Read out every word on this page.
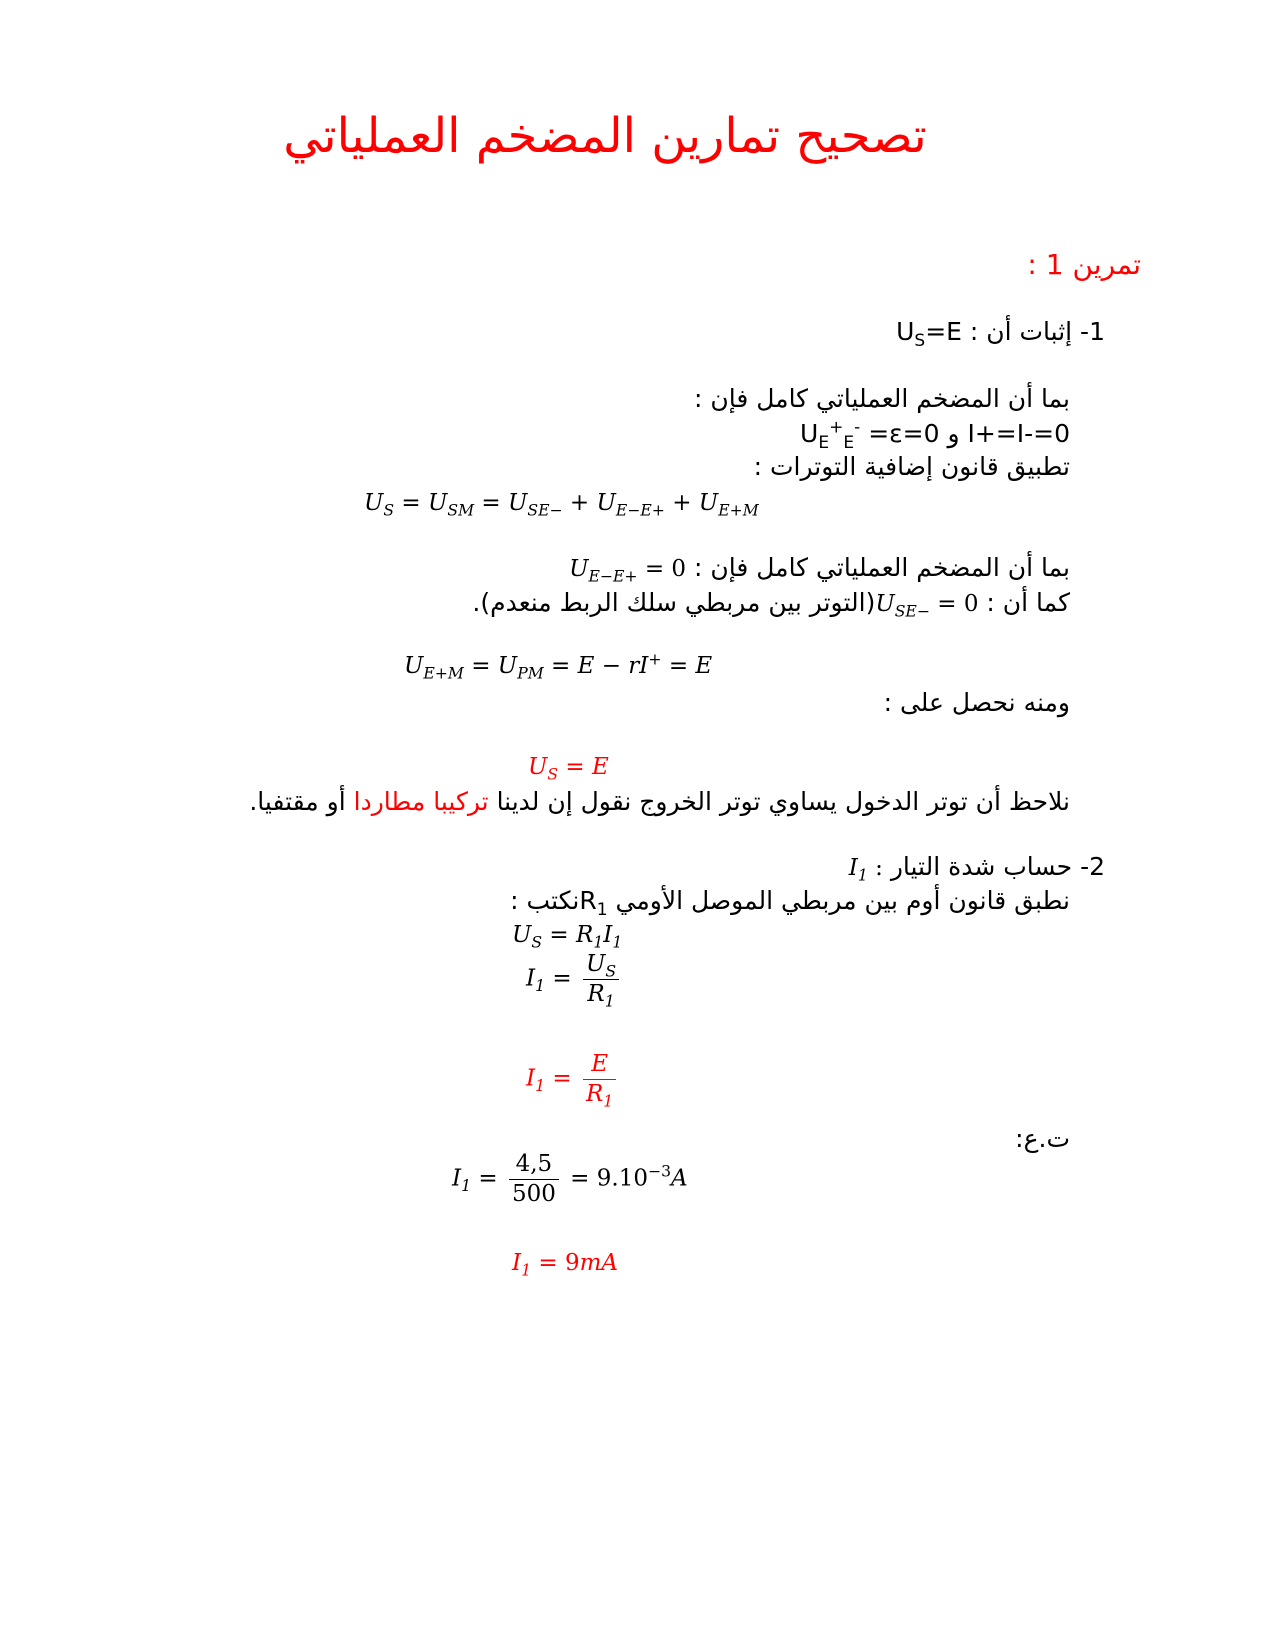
تصحيح تمارين المضخم العملياتي
تمرين 1 :
1- إثبات أن : $U_S=E$
بما أن المضخم العملياتي كامل فإن :
$U_E^+_E^- =\varepsilon=0$ و I+=I-=0
تطبيق قانون إضافية التوترات :
$U_S = U_{SM} = U_{SE-} + U_{E-E+} + U_{E+M}$
بما أن المضخم العملياتي كامل فإن : $U_{E-E+} = 0$
كما أن : $U_{SE-}$ = 0(التوتر بين مربطي سلك الربط منعدم).
$U_{E+M} = U_{PM} = E - rI^+ = E$
ومنه نحصل على :
$U_S = E$
نلاحظ أن توتر الدخول يساوي توتر الخروج نقول إن لدينا تركيبا مطاردا أو مقتفيا.
2- حساب شدة التيار $I_1$ :
نطبق قانون أوم بين مربطي الموصل الأومي $R_1نكتب$ :
$U_S = R_1I_1$
$I_1 = \frac{U_S}{R_1}$
$I_1 = \frac{E}{R_1}$
ت.ع:
$I_1 = \frac{4,5}{500} = 9.10^{-3}A$
$I_1 = 9mA$
